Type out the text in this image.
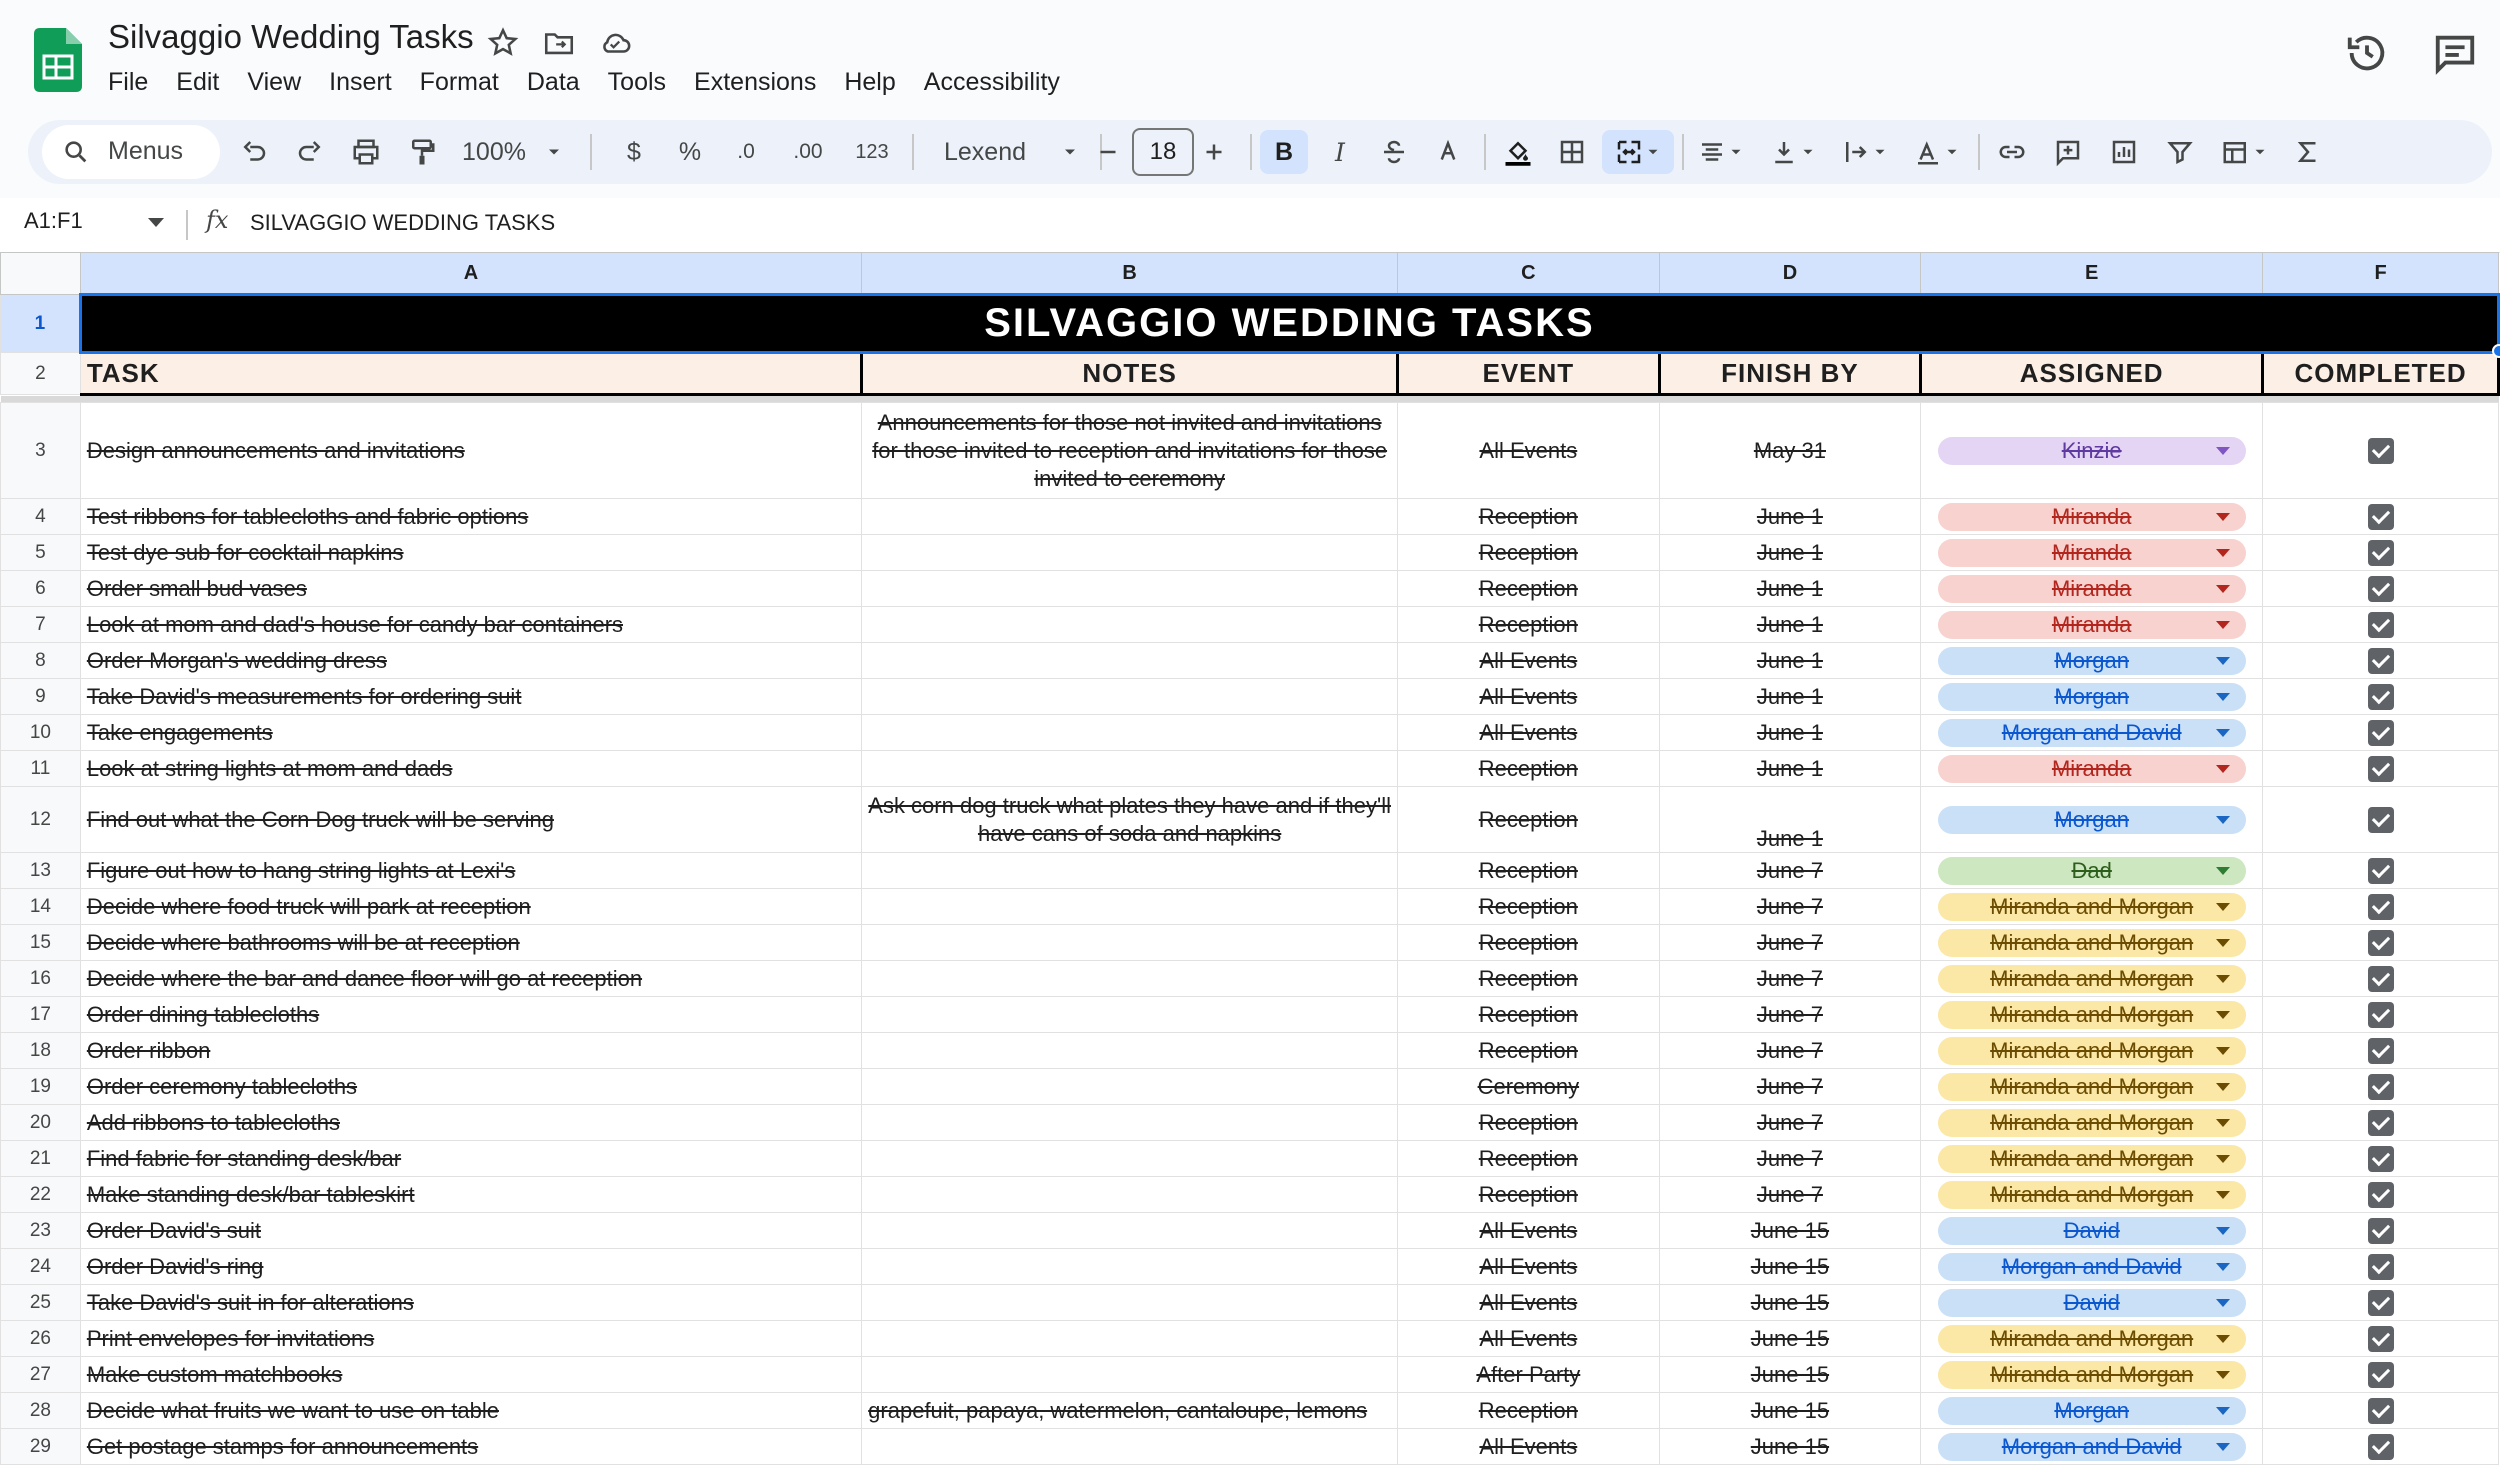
Silvaggio Wedding Tasks
File	Edit	View	Insert	Format	Data	Tools	Extensions	Help	Accessibility
Menus	100%	$ % .0 .00 123 Lexend	18	B I
A1:F1	fx SILVAGGIO WEDDING TASKS
	A	B	C	D	E	F
1	SILVAGGIO WEDDING TASKS					
2	TASK	NOTES	EVENT	FINISH BY	ASSIGNED	COMPLETED

3	Design announcements and invitations	Announcements for those not invited and invitations for those invited to reception and invitations for those invited to ceremony	All Events	May 31	Kinzie

4	Test ribbons for tablecloths and fabric options		Reception	June 1	Miranda

5	Test dye sub for cocktail napkins		Reception	June 1	Miranda

6	Order small bud vases		Reception	June 1	Miranda

7	Look at mom and dad's house for candy bar containers		Reception	June 1	Miranda

8	Order Morgan's wedding dress		All Events	June 1	Morgan

9	Take David's measurements for ordering suit		All Events	June 1	Morgan

10	Take engagements		All Events	June 1	Morgan and David

11	Look at string lights at mom and dads		Reception	June 1	Miranda

12	Find out what the Corn Dog truck will be serving	Ask corn dog truck what plates they have and if they'll have cans of soda and napkins	Reception	June 1	Morgan

13	Figure out how to hang string lights at Lexi's		Reception	June 7	Dad

14	Decide where food truck will park at reception		Reception	June 7	Miranda and Morgan

15	Decide where bathrooms will be at reception		Reception	June 7	Miranda and Morgan

16	Decide where the bar and dance floor will go at reception		Reception	June 7	Miranda and Morgan

17	Order dining tablecloths		Reception	June 7	Miranda and Morgan

18	Order ribbon		Reception	June 7	Miranda and Morgan

19	Order ceremony tablecloths		Ceremony	June 7	Miranda and Morgan

20	Add ribbons to tablecloths		Reception	June 7	Miranda and Morgan

21	Find fabric for standing desk/bar		Reception	June 7	Miranda and Morgan

22	Make standing desk/bar tableskirt		Reception	June 7	Miranda and Morgan

23	Order David's suit		All Events	June 15	David

24	Order David's ring		All Events	June 15	Morgan and David

25	Take David's suit in for alterations		All Events	June 15	David

26	Print envelopes for invitations		All Events	June 15	Miranda and Morgan

27	Make custom matchbooks		After Party	June 15	Miranda and Morgan

28	Decide what fruits we want to use on table	grapefuit, papaya, watermelon, cantaloupe, lemons	Reception	June 15	Morgan

29	Get postage stamps for announcements		All Events	June 15	Morgan and David
